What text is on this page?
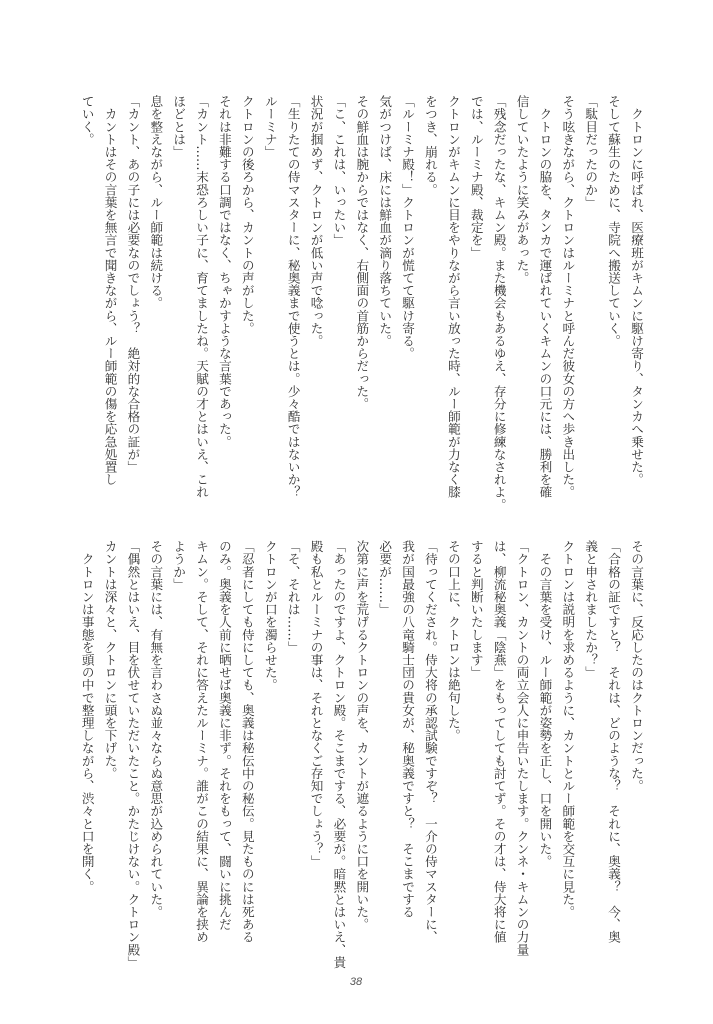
　クトロンに呼ばれ、医療班がキムンに駆け寄り、タンカへ乗せた。
そして蘇生のために、寺院へ搬送していく。
「駄目だったのか」
そう呟きながら、クトロンはルーミナと呼んだ彼女の方へ歩き出した。
　クトロンの脇を、タンカで運ばれていくキムンの口元には、勝利を確
信していたように笑みがあった。
「残念だったな、キムン殿。また機会もあるゆえ、存分に修練なされよ。
では、ルーミナ殿、裁定を」
クトロンがキムンに目をやりながら言い放った時、ルー師範が力なく膝
をつき、崩れる。
「ルーミナ殿！」クトロンが慌てて駆け寄る。
気がつけば、床には鮮血が滴り落ちていた。
その鮮血は腕からではなく、右側面の首筋からだった。
「こ、これは、いったい」
状況が掴めず、クトロンが低い声で唸った。
「生りたての侍マスターに、秘奥義まで使うとは。少々酷ではないか？
ルーミナ」
クトロンの後ろから、カントの声がした。
それは非難する口調ではなく、ちゃかすような言葉であった。
「カント……末恐ろしい子に、育てましたね。天賦の才とはいえ、これ
ほどとは」
息を整えながら、ルー師範は続ける。
「カント、あの子には必要なのでしょう？　絶対的な合格の証が」
　カントはその言葉を無言で聞きながら、ルー師範の傷を応急処置し
ていく。
その言葉に、反応したのはクトロンだった。
「合格の証ですと？　それは、どのような？　それに、奥義？　今、奥
義と申されましたか？」
クトロンは説明を求めるように、カントとルー師範を交互に見た。
　その言葉を受け、ルー師範が姿勢を正し、口を開いた。
「クトロン、カントの両立会人に申告いたします。クンネ・キムンの力量
は、柳流秘奥義「陰燕」をもってしても討てず。その才は、侍大将に値
すると判断いたします」
その口上に、クトロンは絶句した。
「待ってくだされ。侍大将の承認試験ですぞ？　一介の侍マスターに、
我が国最強の八竜騎士団の貴女が、秘奥義ですと？　そこまでする
必要が……」
次第に声を荒げるクトロンの声を、カントが遮るように口を開いた。
「あったのですよ、クトロン殿。そこまでする、必要が。暗黙とはいえ、貴
殿も私とルーミナの事は、それとなくご存知でしょう？」
「そ、それは……」
クトロンが口を濁らせた。
「忍者にしても侍にしても、奥義は秘伝中の秘伝。見たものには死ある
のみ。奥義を人前に晒せば奥義に非ず。それをもって、闘いに挑んだ
キムン。そして、それに答えたルーミナ。誰がこの結果に、異論を挟め
ようか」
その言葉には、有無を言わさぬ並々ならぬ意思が込められていた。
「偶然とはいえ、目を伏せていただいたこと。かたじけない。クトロン殿」
カントは深々と、クトロンに頭を下げた。
　クトロンは事態を頭の中で整理しながら、渋々と口を開く。
38
